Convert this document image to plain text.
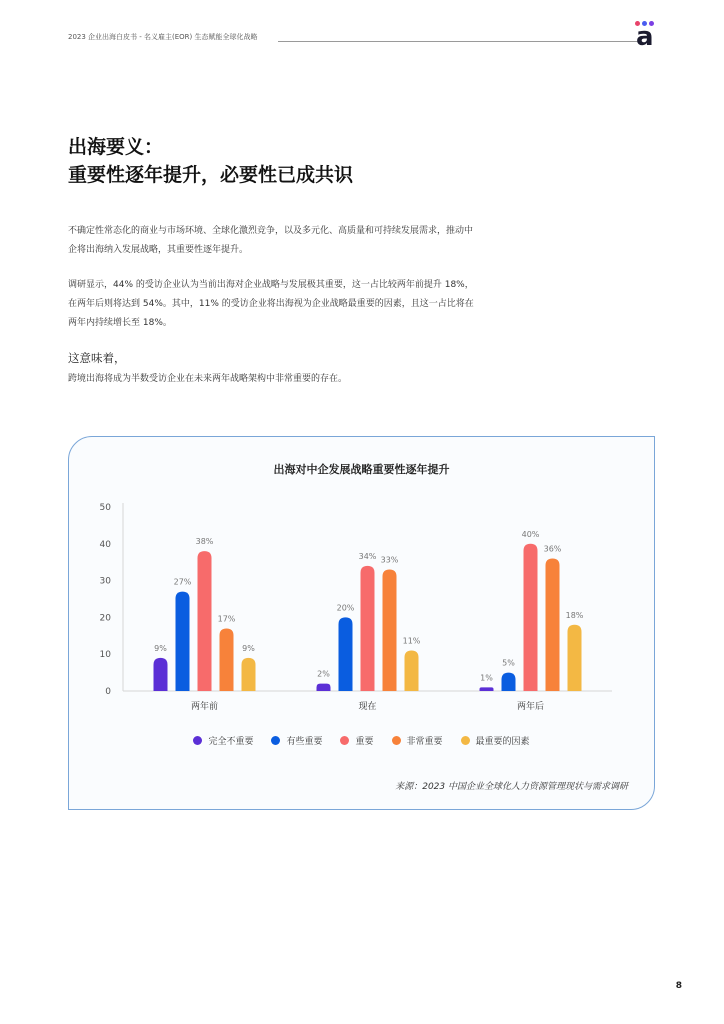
2023 企业出海白皮书 - 名义雇主(EOR) 生态赋能全球化战略	a
出海要义：
重要性逐年提升，必要性已成共识
不确定性常态化的商业与市场环境、全球化激烈竞争，以及多元化、高质量和可持续发展需求，推动中
企将出海纳入发展战略，其重要性逐年提升。
调研显示，44% 的受访企业认为当前出海对企业战略与发展极其重要，这一占比较两年前提升 18%，
在两年后则将达到 54%。其中，11% 的受访企业将出海视为企业战略最重要的因素，且这一占比将在
两年内持续增长至 18%。
这意味着，
跨境出海将成为半数受访企业在未来两年战略架构中非常重要的存在。
出海对中企发展战略重要性逐年提升
0
10
20
30
40
50
9%
27%
38%
17%
9%
两年前
2%
20%
34% 33%
11%
现在
1%
5%
40%
36%
18%
两年后
完全不重要	有些重要	重要	非常重要	最重要的因素
来源：2023 中国企业全球化人力资源管理现状与需求调研
8
